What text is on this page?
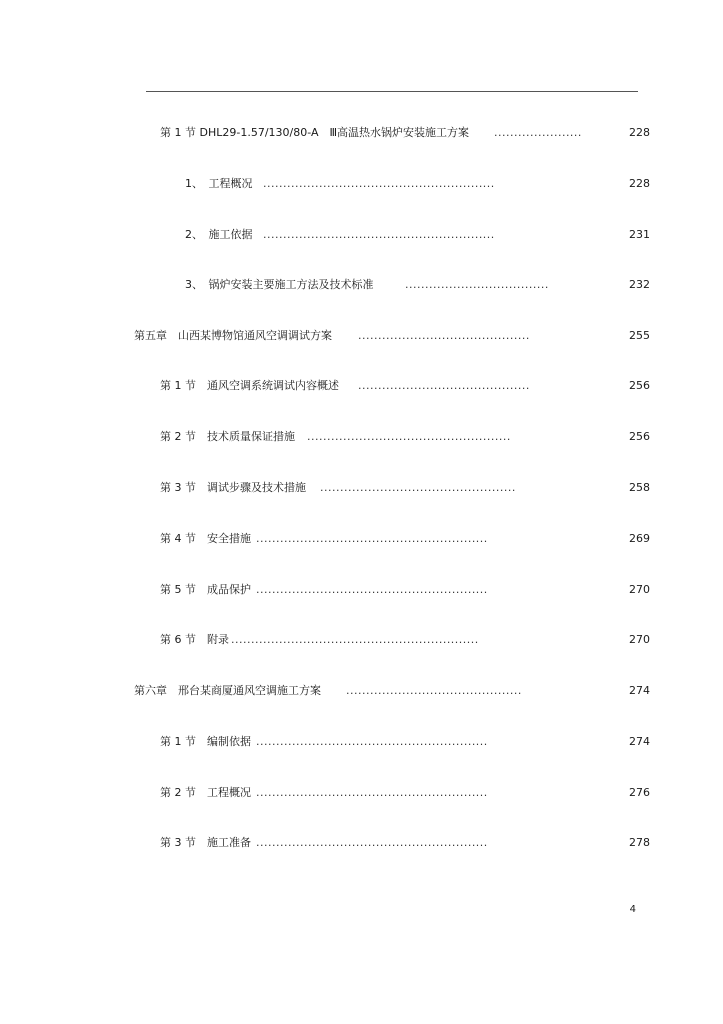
第 1 节 DHL29-1.57/130/80-A　Ⅲ高温热水锅炉安装施工方案 ......................	228
1、　工程概况 ..........................................................	228
2、　施工依据 ..........................................................	231
3、　锅炉安装主要施工方法及技术标准	....................................	232
第五章　山西某博物馆通风空调调试方案 ...........................................	255
第 1 节　通风空调系统调试内容概述 ...........................................	256
第 2 节　技术质量保证措施 ...................................................	256
第 3 节　调试步骤及技术措施 .................................................	258
第 4 节　安全措施 ..........................................................	269
第 5 节　成品保护 ..........................................................	270
第 6 节　附录 ..............................................................	270
第六章　邢台某商厦通风空调施工方案 ............................................	274
第 1 节　编制依据 ..........................................................	274
第 2 节　工程概况 ..........................................................	276
第 3 节　施工准备 ..........................................................	278
4
